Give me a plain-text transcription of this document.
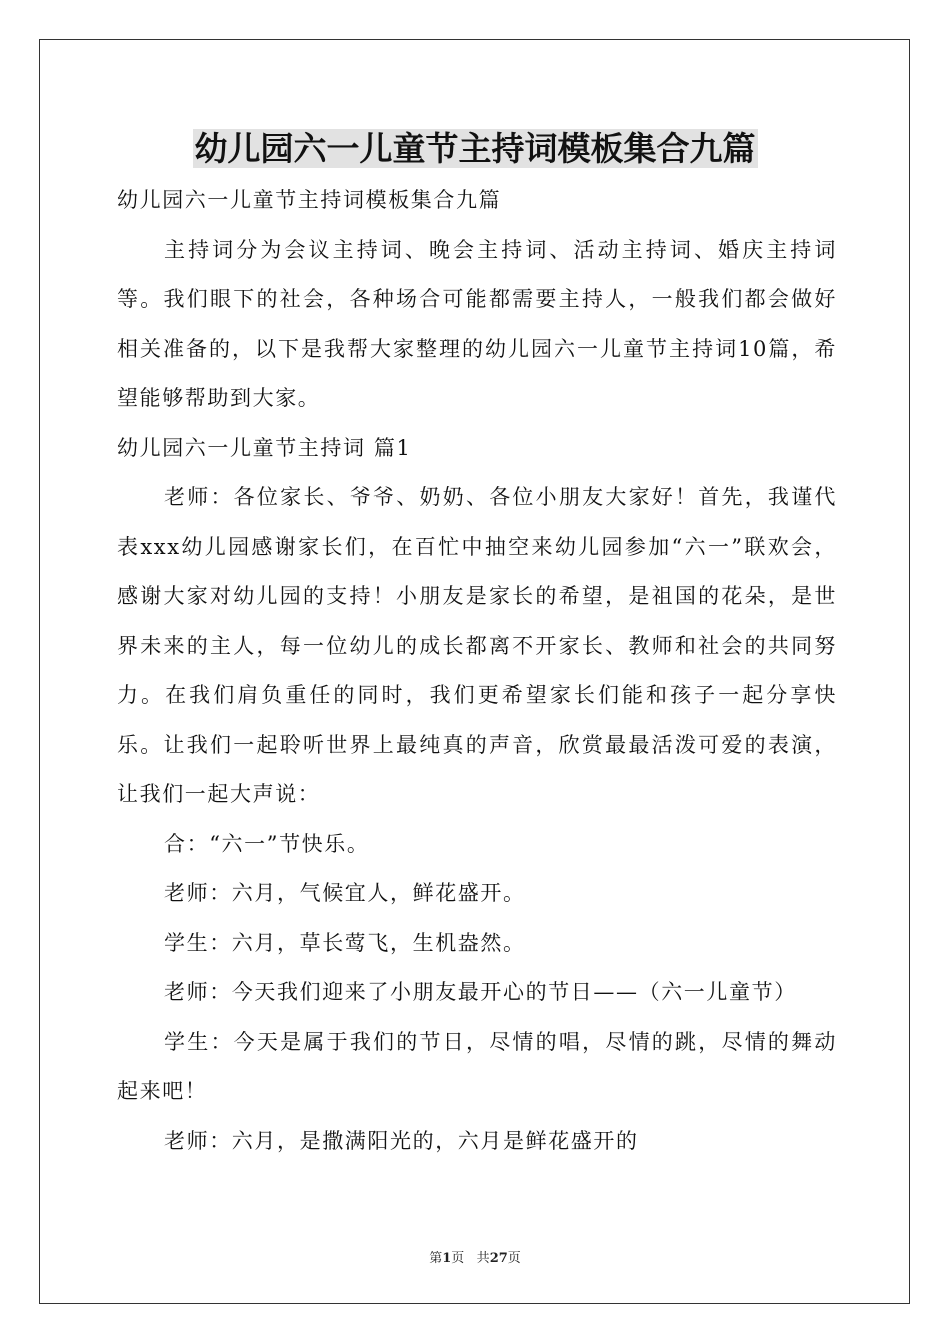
幼儿园六一儿童节主持词模板集合九篇

幼儿园六一儿童节主持词模板集合九篇

主持词分为会议主持词、晚会主持词、活动主持词、婚庆主持词等。我们眼下的社会，各种场合可能都需要主持人，一般我们都会做好相关准备的，以下是我帮大家整理的幼儿园六一儿童节主持词10篇，希望能够帮助到大家。

幼儿园六一儿童节主持词 篇1

老师：各位家长、爷爷、奶奶、各位小朋友大家好！首先，我谨代表xxx幼儿园感谢家长们，在百忙中抽空来幼儿园参加“六一”联欢会，感谢大家对幼儿园的支持！小朋友是家长的希望，是祖国的花朵，是世界未来的主人，每一位幼儿的成长都离不开家长、教师和社会的共同努力。在我们肩负重任的同时，我们更希望家长们能和孩子一起分享快乐。让我们一起聆听世界上最纯真的声音，欣赏最最活泼可爱的表演，让我们一起大声说：

合：“六一”节快乐。

老师：六月，气候宜人，鲜花盛开。

学生：六月，草长莺飞，生机盎然。

老师：今天我们迎来了小朋友最开心的节日——（六一儿童节）

学生：今天是属于我们的节日，尽情的唱，尽情的跳，尽情的舞动起来吧！

老师：六月，是撒满阳光的，六月是鲜花盛开的

第1页 共27页
